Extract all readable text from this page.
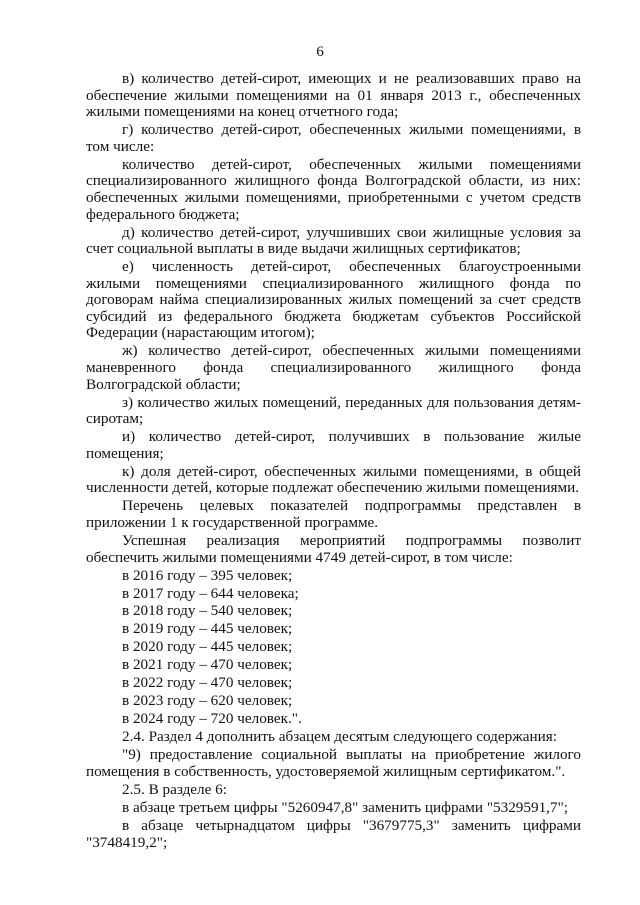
6

в) количество детей-сирот, имеющих и не реализовавших право на обеспечение жилыми помещениями на 01 января 2013 г., обеспеченных жилыми помещениями на конец отчетного года;

г) количество детей-сирот, обеспеченных жилыми помещениями, в том числе:

количество детей-сирот, обеспеченных жилыми помещениями специализированного жилищного фонда Волгоградской области, из них: обеспеченных жилыми помещениями, приобретенными с учетом средств федерального бюджета;

д) количество детей-сирот, улучшивших свои жилищные условия за счет социальной выплаты в виде выдачи жилищных сертификатов;

е) численность детей-сирот, обеспеченных благоустроенными жилыми помещениями специализированного жилищного фонда по договорам найма специализированных жилых помещений за счет средств субсидий из федерального бюджета бюджетам субъектов Российской Федерации (нарастающим итогом);

ж) количество детей-сирот, обеспеченных жилыми помещениями маневренного фонда специализированного жилищного фонда Волгоградской области;

з) количество жилых помещений, переданных для пользования детям-сиротам;

и) количество детей-сирот, получивших в пользование жилые помещения;

к) доля детей-сирот, обеспеченных жилыми помещениями, в общей численности детей, которые подлежат обеспечению жилыми помещениями.

Перечень целевых показателей подпрограммы представлен в приложении 1 к государственной программе.

Успешная реализация мероприятий подпрограммы позволит обеспечить жилыми помещениями 4749 детей-сирот, в том числе:

в 2016 году – 395 человек;

в 2017 году – 644 человека;

в 2018 году – 540 человек;

в 2019 году – 445 человек;

в 2020 году – 445 человек;

в 2021 году – 470 человек;

в 2022 году – 470 человек;

в 2023 году – 620 человек;

в 2024 году – 720 человек.".

2.4. Раздел 4 дополнить абзацем десятым следующего содержания:

"9) предоставление социальной выплаты на приобретение жилого помещения в собственность, удостоверяемой жилищным сертификатом.".

2.5. В разделе 6:

в абзаце третьем цифры "5260947,8" заменить цифрами "5329591,7";

в абзаце четырнадцатом цифры "3679775,3" заменить цифрами "3748419,2";
